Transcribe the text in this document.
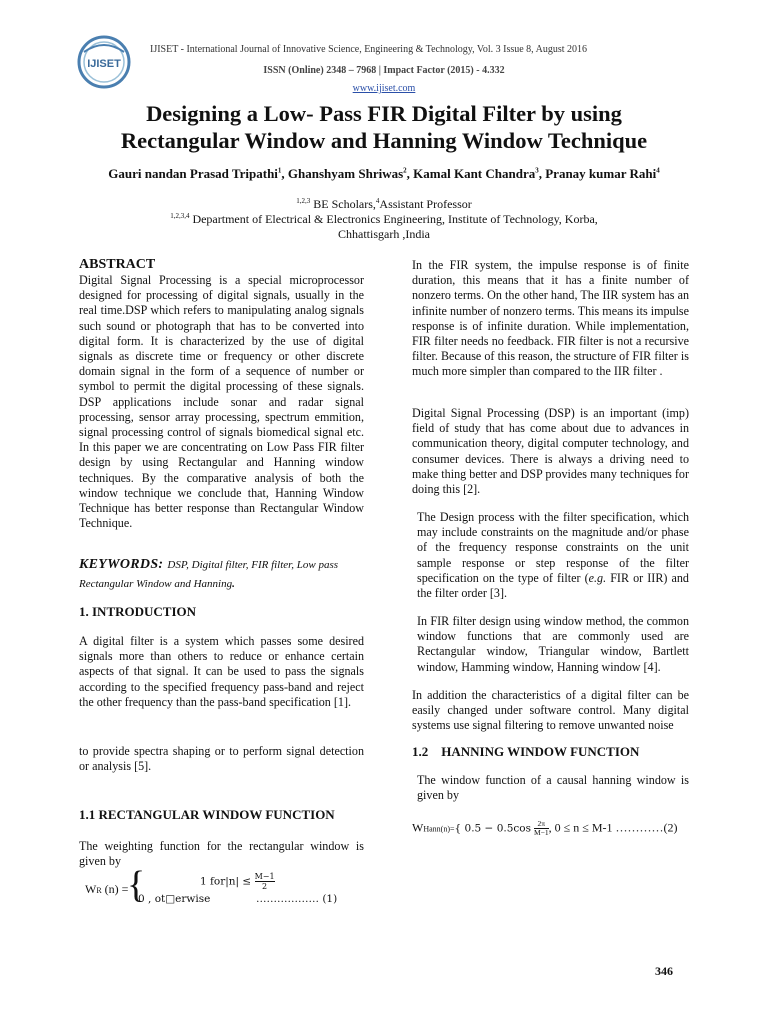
IJISET
IJISET - International Journal of Innovative Science, Engineering & Technology, Vol. 3 Issue 8, August 2016
ISSN (Online) 2348 – 7968 | Impact Factor (2015) - 4.332
www.ijiset.com
Designing a Low- Pass FIR Digital Filter by using
Rectangular Window and Hanning Window Technique
Gauri nandan Prasad Tripathi$^1$, Ghanshyam Shriwas$^2$, Kamal Kant Chandra$^3$, Pranay kumar Rahi$^4$
$^{1,2,3}$ BE Scholars,$^4$Assistant Professor
$^{1,2,3,4}$ Department of Electrical & Electronics Engineering, Institute of Technology, Korba,
Chhattisgarh ,India
ABSTRACT
Digital Signal Processing is a special microprocessor designed for processing of digital signals, usually in the real time.DSP which refers to manipulating analog signals such sound or photograph that has to be converted into digital form. It is characterized by the use of digital signals as discrete time or frequency or other discrete domain signal in the form of a sequence of number or symbol to permit the digital processing of these signals. DSP applications include sonar and radar signal processing, sensor array processing, spectrum emmition, signal processing control of signals biomedical signal etc. In this paper we are concentrating on Low Pass FIR filter design by using Rectangular and Hanning window techniques. By the comparative analysis of both the window technique we conclude that, Hanning Window Technique has better response than Rectangular Window Technique.
KEYWORDS: DSP, Digital filter, FIR filter, Low pass Rectangular Window and Hanning.
1. INTRODUCTION
A digital filter is a system which passes some desired signals more than others to reduce or enhance certain aspects of that signal. It can be used to pass the signals according to the specified frequency pass-band and reject the other frequency than the pass-band specification [1].
to provide spectra shaping or to perform signal detection or analysis [5].
1.1 RECTANGULAR WINDOW FUNCTION
The weighting function for the rectangular window is given by
WR (n) =
{	1 $for|n| \le \frac{M-1}{2}$
0 , ot□erwise	……………… (1)
In the FIR system, the impulse response is of finite duration, this means that it has a finite number of nonzero terms. On the other hand, The IIR system has an infinite number of nonzero terms. This means its impulse response is of infinite duration. While implementation, FIR filter needs no feedback. FIR filter is not a recursive filter. Because of this reason, the structure of FIR filter is much more simpler than compared to the IIR filter .
Digital Signal Processing (DSP) is an important (imp) field of study that has come about due to advances in communication theory, digital computer technology, and consumer devices. There is always a driving need to make thing better and DSP provides many techniques for doing this [2].
The Design process with the filter specification, which may include constraints on the magnitude and/or phase of the frequency response constraints on the unit sample response or step response of the filter specification on the type of filter (e.g. FIR or IIR) and the filter order [3].
In FIR filter design using window method, the common window functions that are commonly used are Rectangular window, Triangular window, Bartlett window, Hamming window, Hanning window [4].
In addition the characteristics of a digital filter can be easily changed under software control. Many digital systems use signal filtering to remove unwanted noise
1.2 HANNING WINDOW FUNCTION
The window function of a causal hanning window is given by
WHann(n)={ $0.5 - 0.5\cos \frac{2\pi}{M-1}$ , 0 ≤ n ≤ M-1 …………(2)
346
